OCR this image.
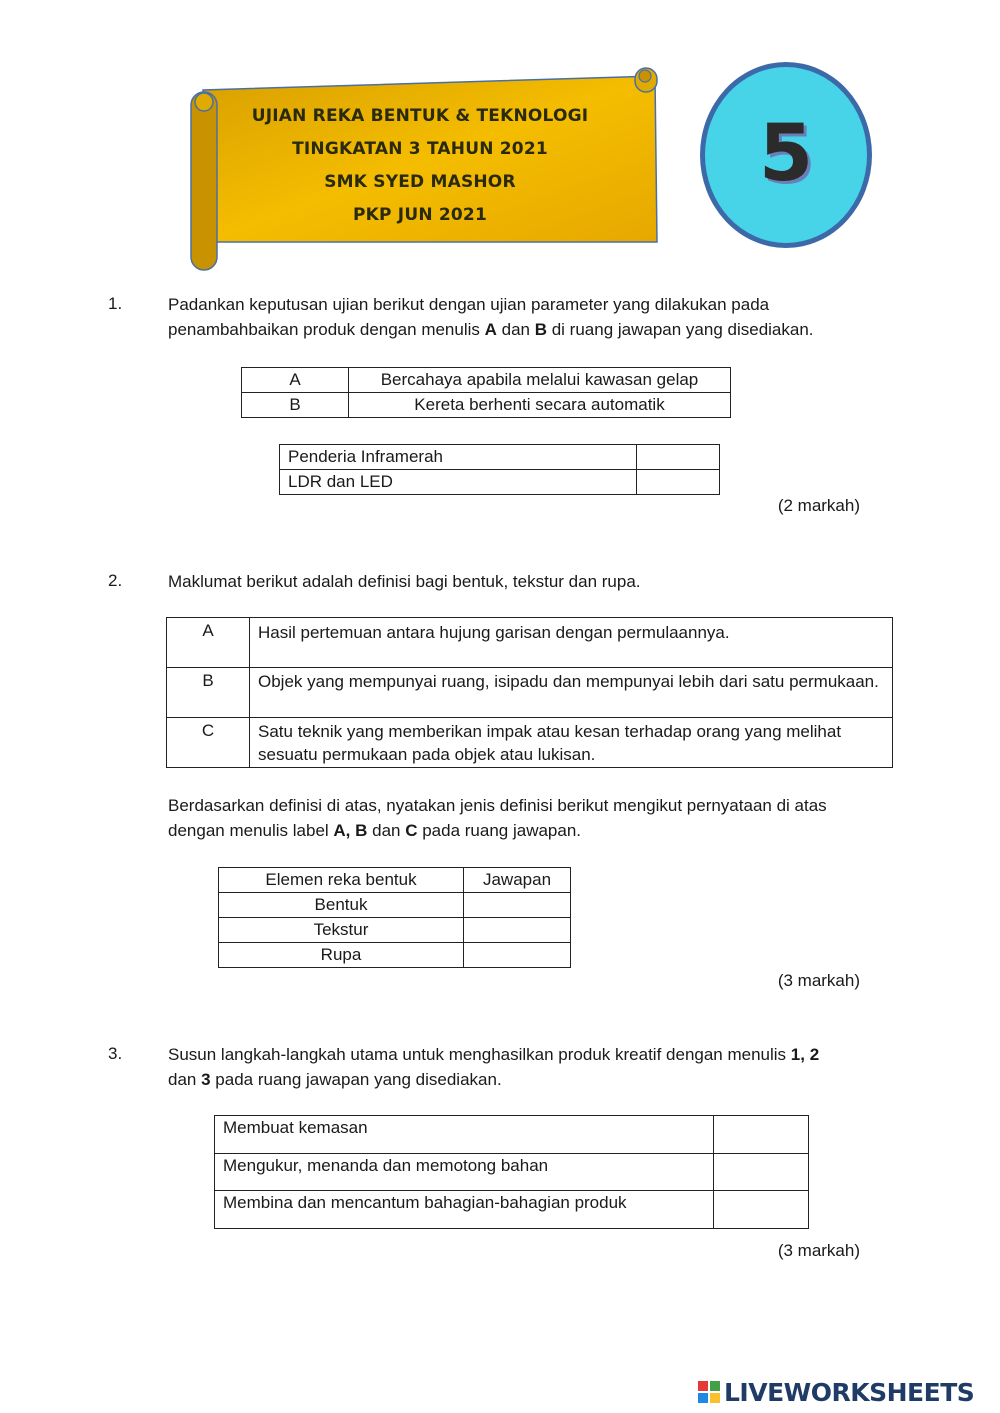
UJIAN REKA BENTUK & TEKNOLOGI
TINGKATAN 3 TAHUN 2021
SMK SYED MASHOR
PKP JUN 2021
5
1.	Padankan keputusan ujian berikut dengan ujian parameter yang dilakukan pada penambahbaikan produk dengan menulis A dan B di ruang jawapan yang disediakan.
A	Bercahaya apabila melalui kawasan gelap
B	Kereta berhenti secara automatik
Penderia Inframerah	
LDR dan LED	
(2 markah)
2.	Maklumat berikut adalah definisi bagi bentuk, tekstur dan rupa.
A	Hasil pertemuan antara hujung garisan dengan permulaannya.
B	Objek yang mempunyai ruang, isipadu dan mempunyai lebih dari satu permukaan.
C	Satu teknik yang memberikan impak atau kesan terhadap orang yang melihat sesuatu permukaan pada objek atau lukisan.
Berdasarkan definisi di atas, nyatakan jenis definisi berikut mengikut pernyataan di atas dengan menulis label A, B dan C pada ruang jawapan.
Elemen reka bentuk	Jawapan
Bentuk	
Tekstur	
Rupa	
(3 markah)
3.	Susun langkah-langkah utama untuk menghasilkan produk kreatif dengan menulis 1, 2
dan 3 pada ruang jawapan yang disediakan.
Membuat kemasan	
Mengukur, menanda dan memotong bahan	
Membina dan mencantum bahagian-bahagian produk	
(3 markah)
LIVEWORKSHEETS
